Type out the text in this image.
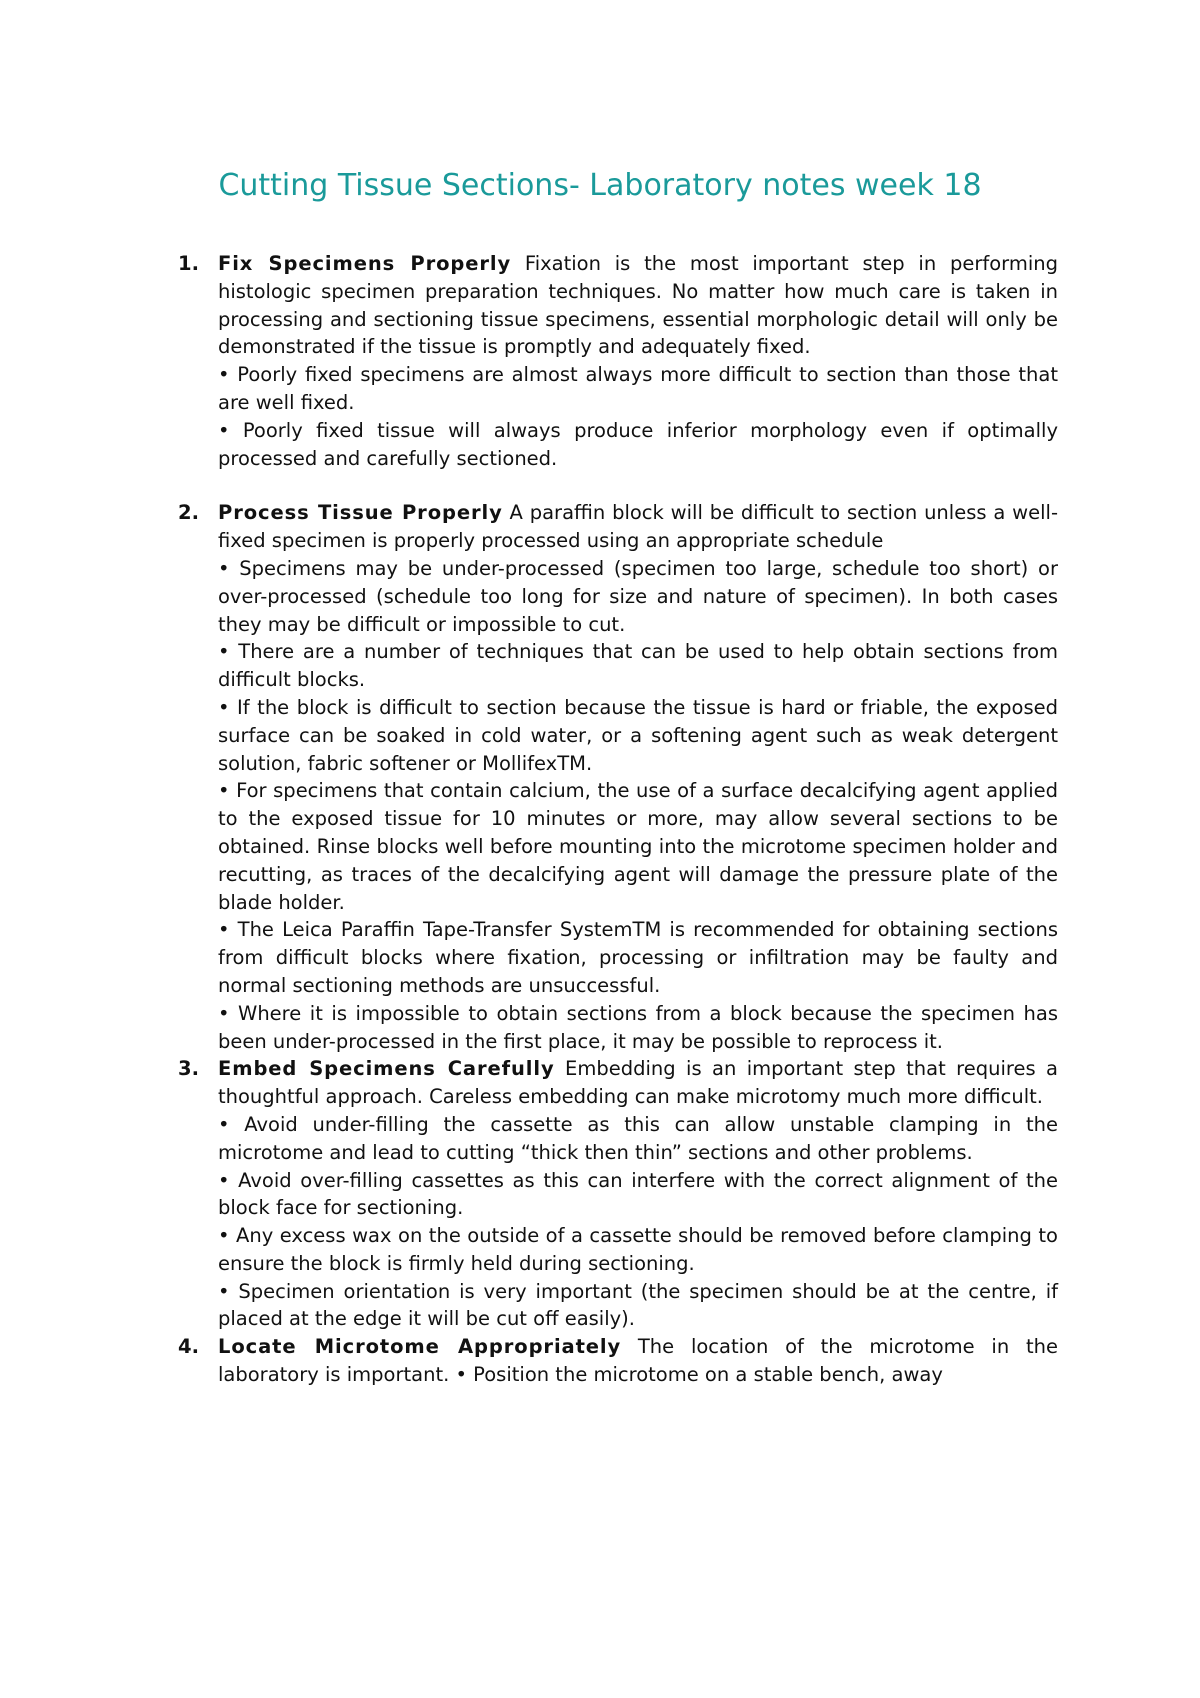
Cutting Tissue Sections- Laboratory notes week 18
1. Fix Specimens Properly Fixation is the most important step in performing histologic specimen preparation techniques. No matter how much care is taken in processing and sectioning tissue specimens, essential morphologic detail will only be demonstrated if the tissue is promptly and adequately fixed.
• Poorly fixed specimens are almost always more difficult to section than those that are well fixed.
• Poorly fixed tissue will always produce inferior morphology even if optimally processed and carefully sectioned.
2. Process Tissue Properly A paraffin block will be difficult to section unless a well-fixed specimen is properly processed using an appropriate schedule
• Specimens may be under-processed (specimen too large, schedule too short) or over-processed (schedule too long for size and nature of specimen). In both cases they may be difficult or impossible to cut.
• There are a number of techniques that can be used to help obtain sections from difficult blocks.
• If the block is difficult to section because the tissue is hard or friable, the exposed surface can be soaked in cold water, or a softening agent such as weak detergent solution, fabric softener or MollifexTM.
• For specimens that contain calcium, the use of a surface decalcifying agent applied to the exposed tissue for 10 minutes or more, may allow several sections to be obtained. Rinse blocks well before mounting into the microtome specimen holder and recutting, as traces of the decalcifying agent will damage the pressure plate of the blade holder.
• The Leica Paraffin Tape-Transfer SystemTM is recommended for obtaining sections from difficult blocks where fixation, processing or infiltration may be faulty and normal sectioning methods are unsuccessful.
• Where it is impossible to obtain sections from a block because the specimen has been under-processed in the first place, it may be possible to reprocess it.
3. Embed Specimens Carefully Embedding is an important step that requires a thoughtful approach. Careless embedding can make microtomy much more difficult.
• Avoid under-filling the cassette as this can allow unstable clamping in the microtome and lead to cutting “thick then thin” sections and other problems.
• Avoid over-filling cassettes as this can interfere with the correct alignment of the block face for sectioning.
• Any excess wax on the outside of a cassette should be removed before clamping to ensure the block is firmly held during sectioning.
• Specimen orientation is very important (the specimen should be at the centre, if placed at the edge it will be cut off easily).
4. Locate Microtome Appropriately The location of the microtome in the laboratory is important. • Position the microtome on a stable bench, away
